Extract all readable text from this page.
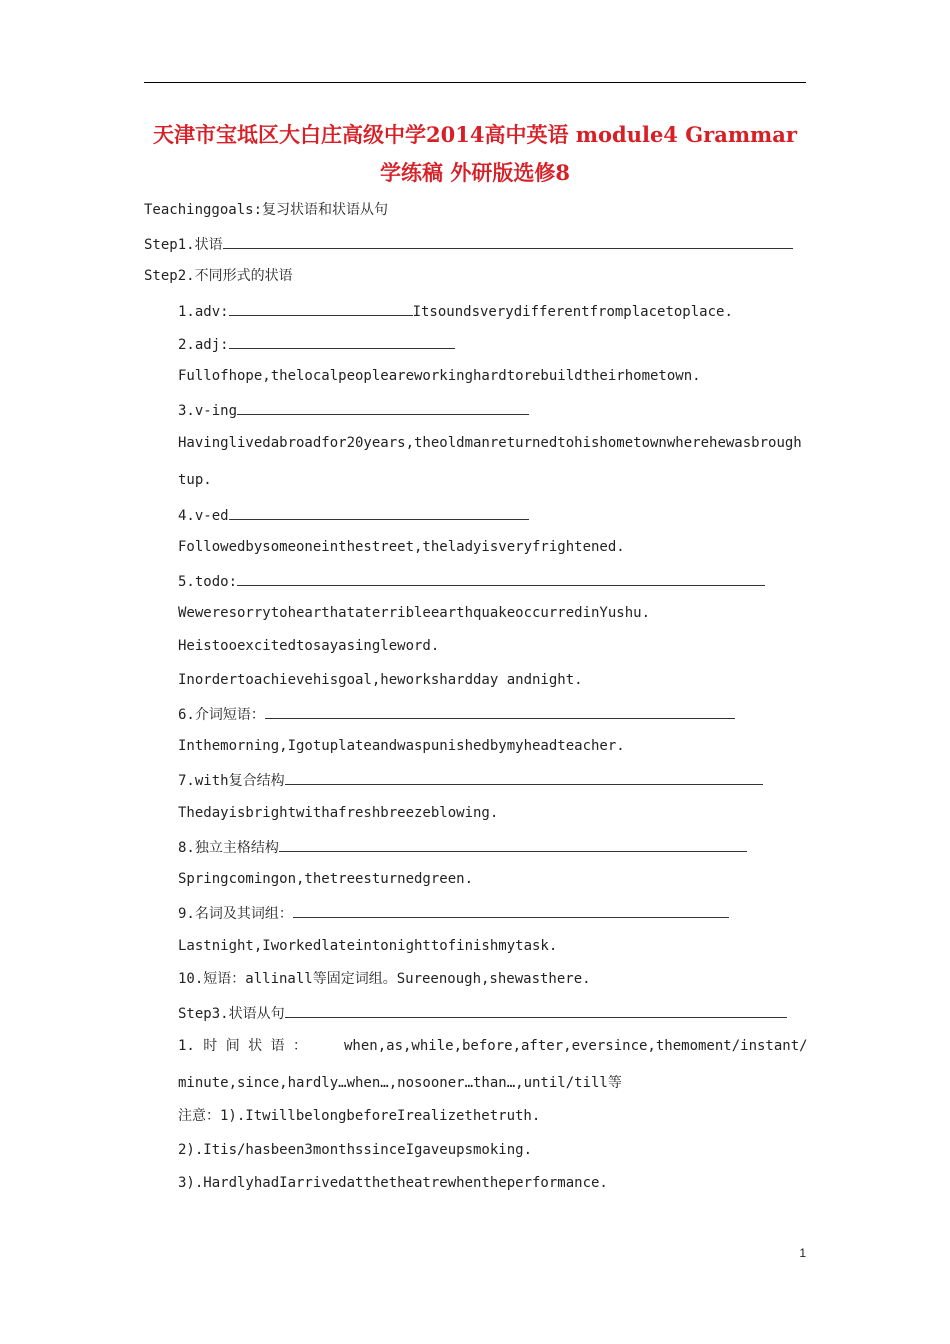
天津市宝坻区大白庄高级中学2014高中英语 module4 Grammar学练稿 外研版选修8
Teachinggoals:复习状语和状语从句
Step1.状语
Step2.不同形式的状语
1.adv:	Itsoundsverydifferentfromplacetoplace.
2.adj:
Fullofhope,thelocalpeopleareworkinghardtorebuildtheirhometown.
3.v-ing
Havinglivedabroadfor20years,theoldmanreturnedtohishometownwherehewasbrough
tup.
4.v-ed
Followedbysomeoneinthestreet,theladyisveryfrightened.
5.todo:
WeweresorrytohearthataterribleearthquakeoccurredinYushu.
Heistooexcitedtosayasingleword.
Inordertoachievehisgoal,heworkshardday andnight.
6.介词短语：
Inthemorning,Igotuplateandwaspunishedbymyheadteacher.
7.with复合结构
Thedayisbrightwithafreshbreezeblowing.
8.独立主格结构
Springcomingon,thetreesturnedgreen.
9.名词及其词组：
Lastnight,Iworkedlateintonighttofinishmytask.
10.短语：allinall等固定词组。Sureenough,shewasthere.
Step3.状语从句
1. 时 间 状 语 ：	when,as,while,before,after,eversince,themoment/instant/
minute,since,hardly…when…,nosooner…than…,until/till等
注意：1).ItwillbelongbeforeIrealizethetruth.
2).Itis/hasbeen3monthssinceIgaveupsmoking.
3).HardlyhadIarrivedatthetheatrewhentheperformance.
1
